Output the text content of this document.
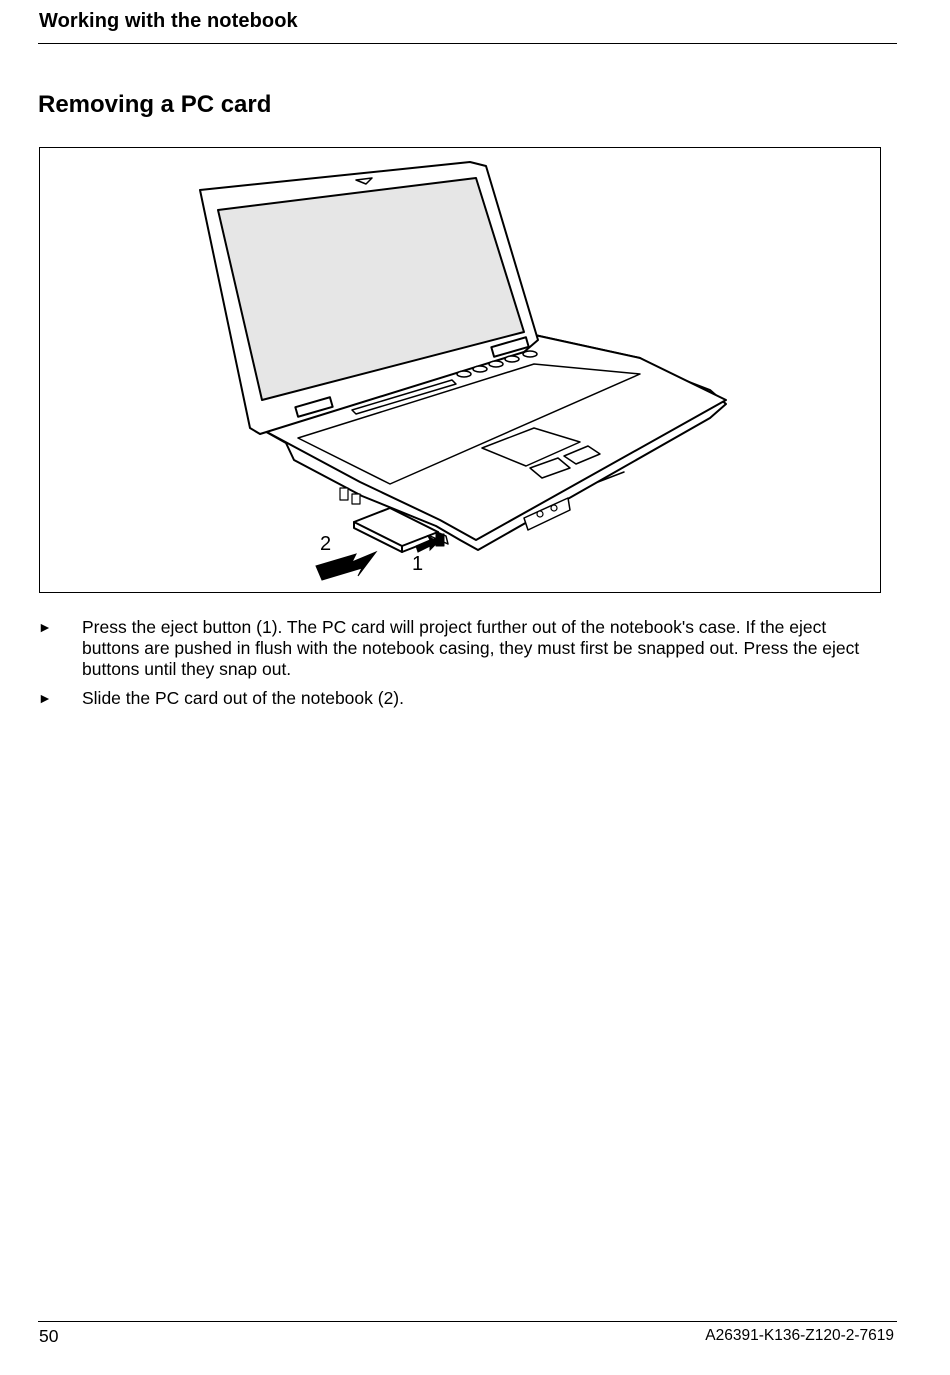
Working with the notebook
Removing a PC card
2
1
► Press the eject button (1). The PC card will project further out of the notebook's case. If the eject buttons are pushed in flush with the notebook casing, they must first be snapped out. Press the eject buttons until they snap out.
► Slide the PC card out of the notebook (2).
50	A26391-K136-Z120-2-7619
